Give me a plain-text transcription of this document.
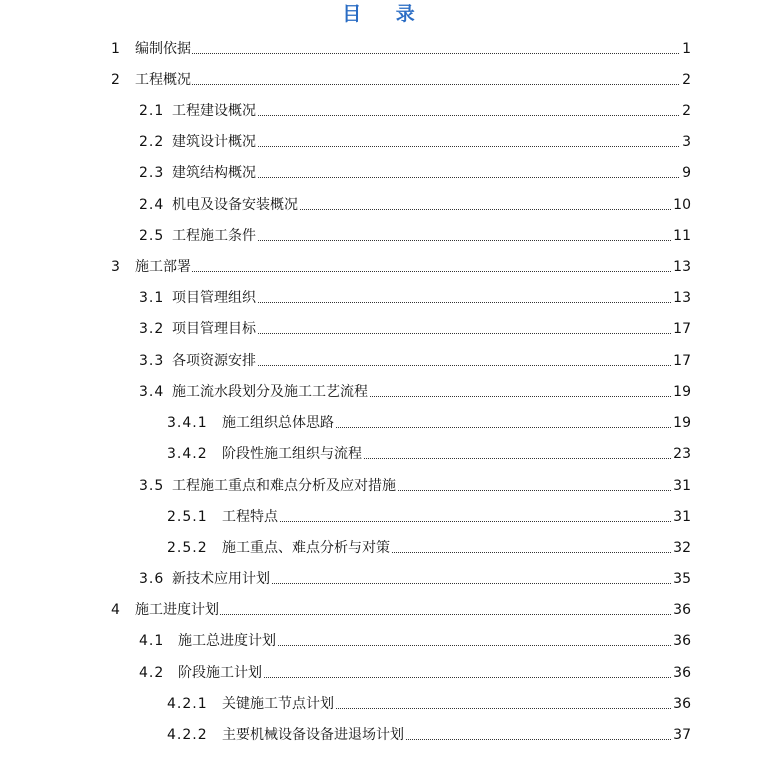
目 录
1 编制依据	1
2 工程概况	2
2.1 工程建设概况	2
2.2 建筑设计概况	3
2.3 建筑结构概况	9
2.4 机电及设备安装概况	10
2.5 工程施工条件	11
3 施工部署	13
3.1 项目管理组织	13
3.2 项目管理目标	17
3.3 各项资源安排	17
3.4 施工流水段划分及施工工艺流程	19
3.4.1 施工组织总体思路	19
3.4.2 阶段性施工组织与流程	23
3.5 工程施工重点和难点分析及应对措施	31
2.5.1 工程特点	31
2.5.2 施工重点、难点分析与对策	32
3.6 新技术应用计划	35
4 施工进度计划	36
4.1 施工总进度计划	36
4.2 阶段施工计划	36
4.2.1 关键施工节点计划	36
4.2.2 主要机械设备设备进退场计划	37
